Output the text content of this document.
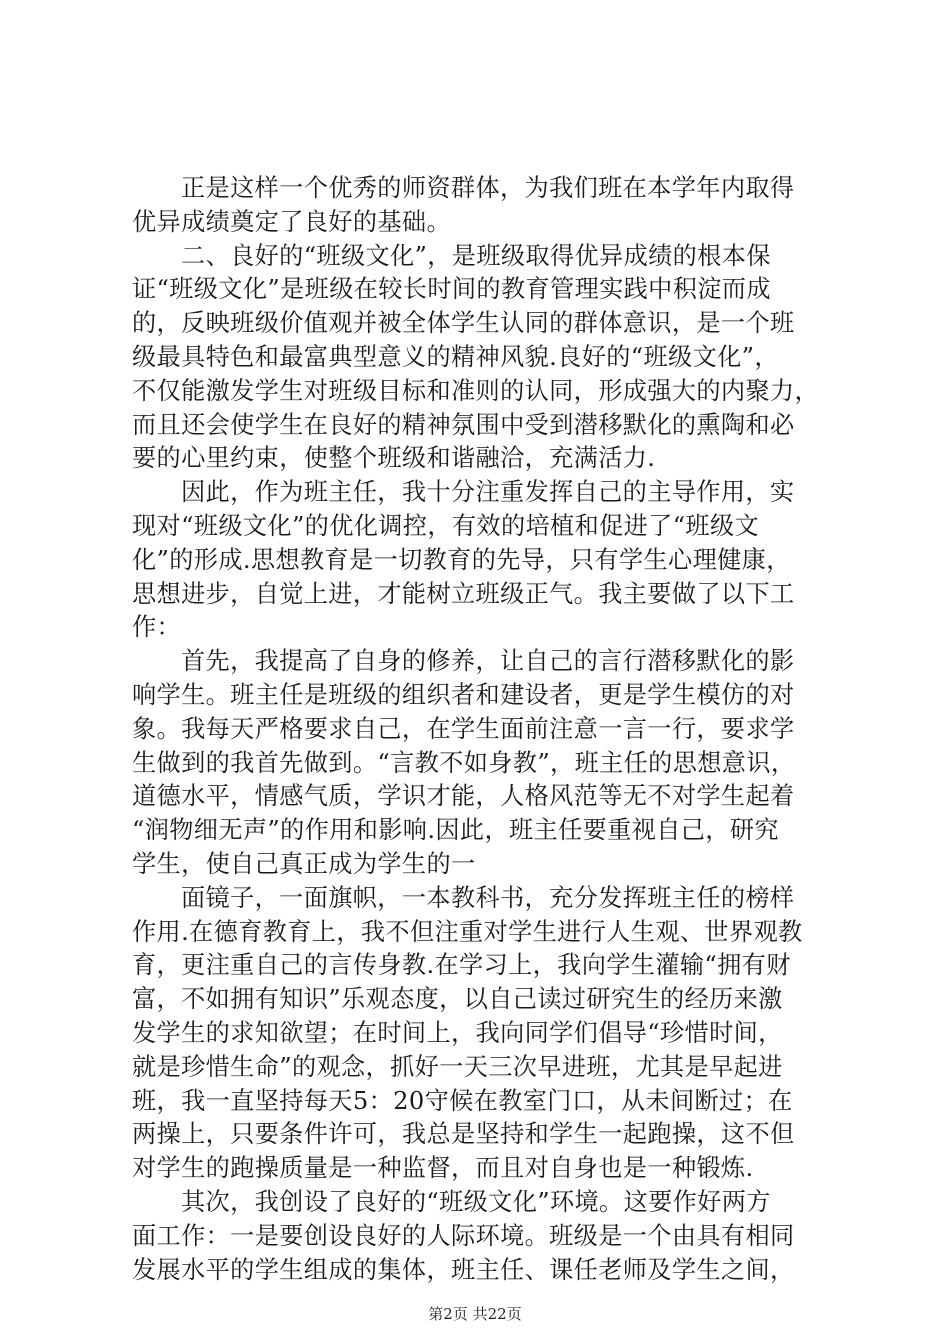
正是这样一个优秀的师资群体，为我们班在本学年内取得
优异成绩奠定了良好的基础。
二、良好的“班级文化”，是班级取得优异成绩的根本保
证“班级文化”是班级在较长时间的教育管理实践中积淀而成
的，反映班级价值观并被全体学生认同的群体意识，是一个班
级最具特色和最富典型意义的精神风貌.良好的“班级文化”，
不仅能激发学生对班级目标和准则的认同，形成强大的内聚力，
而且还会使学生在良好的精神氛围中受到潜移默化的熏陶和必
要的心里约束，使整个班级和谐融洽，充满活力.
因此，作为班主任，我十分注重发挥自己的主导作用，实
现对“班级文化”的优化调控，有效的培植和促进了“班级文
化”的形成.思想教育是一切教育的先导，只有学生心理健康，
思想进步，自觉上进，才能树立班级正气。我主要做了以下工
作：
首先，我提高了自身的修养，让自己的言行潜移默化的影
响学生。班主任是班级的组织者和建设者，更是学生模仿的对
象。我每天严格要求自己，在学生面前注意一言一行，要求学
生做到的我首先做到。“言教不如身教”，班主任的思想意识，
道德水平，情感气质，学识才能，人格风范等无不对学生起着
“润物细无声”的作用和影响.因此，班主任要重视自己，研究
学生，使自己真正成为学生的一
面镜子，一面旗帜，一本教科书，充分发挥班主任的榜样
作用.在德育教育上，我不但注重对学生进行人生观、世界观教
育，更注重自己的言传身教.在学习上，我向学生灌输“拥有财
富，不如拥有知识”乐观态度，以自己读过研究生的经历来激
发学生的求知欲望；在时间上，我向同学们倡导“珍惜时间，
就是珍惜生命”的观念，抓好一天三次早进班，尤其是早起进
班，我一直坚持每天5：20守候在教室门口，从未间断过；在
两操上，只要条件许可，我总是坚持和学生一起跑操，这不但
对学生的跑操质量是一种监督，而且对自身也是一种锻炼.
其次，我创设了良好的“班级文化”环境。这要作好两方
面工作：一是要创设良好的人际环境。班级是一个由具有相同
发展水平的学生组成的集体，班主任、课任老师及学生之间，
第2页 共22页
